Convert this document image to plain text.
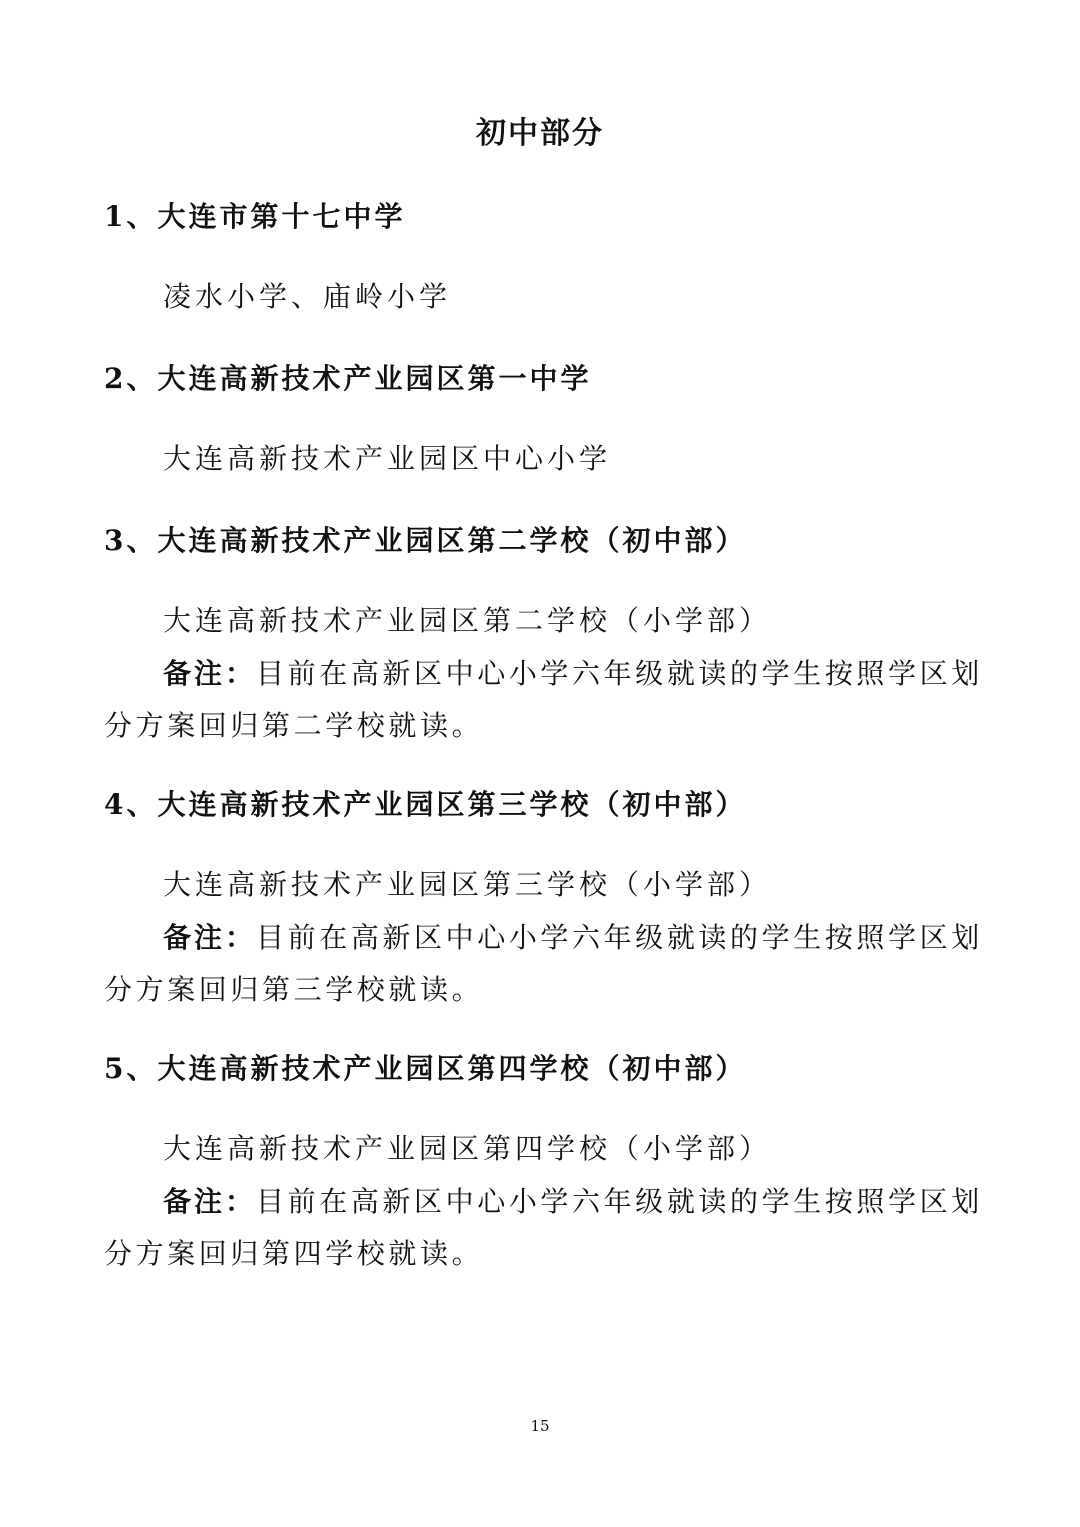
初中部分
1、大连市第十七中学
凌水小学、庙岭小学
2、大连高新技术产业园区第一中学
大连高新技术产业园区中心小学
3、大连高新技术产业园区第二学校（初中部）
大连高新技术产业园区第二学校（小学部）
备注：目前在高新区中心小学六年级就读的学生按照学区划分方案回归第二学校就读。
4、大连高新技术产业园区第三学校（初中部）
大连高新技术产业园区第三学校（小学部）
备注：目前在高新区中心小学六年级就读的学生按照学区划分方案回归第三学校就读。
5、大连高新技术产业园区第四学校（初中部）
大连高新技术产业园区第四学校（小学部）
备注：目前在高新区中心小学六年级就读的学生按照学区划分方案回归第四学校就读。
15
